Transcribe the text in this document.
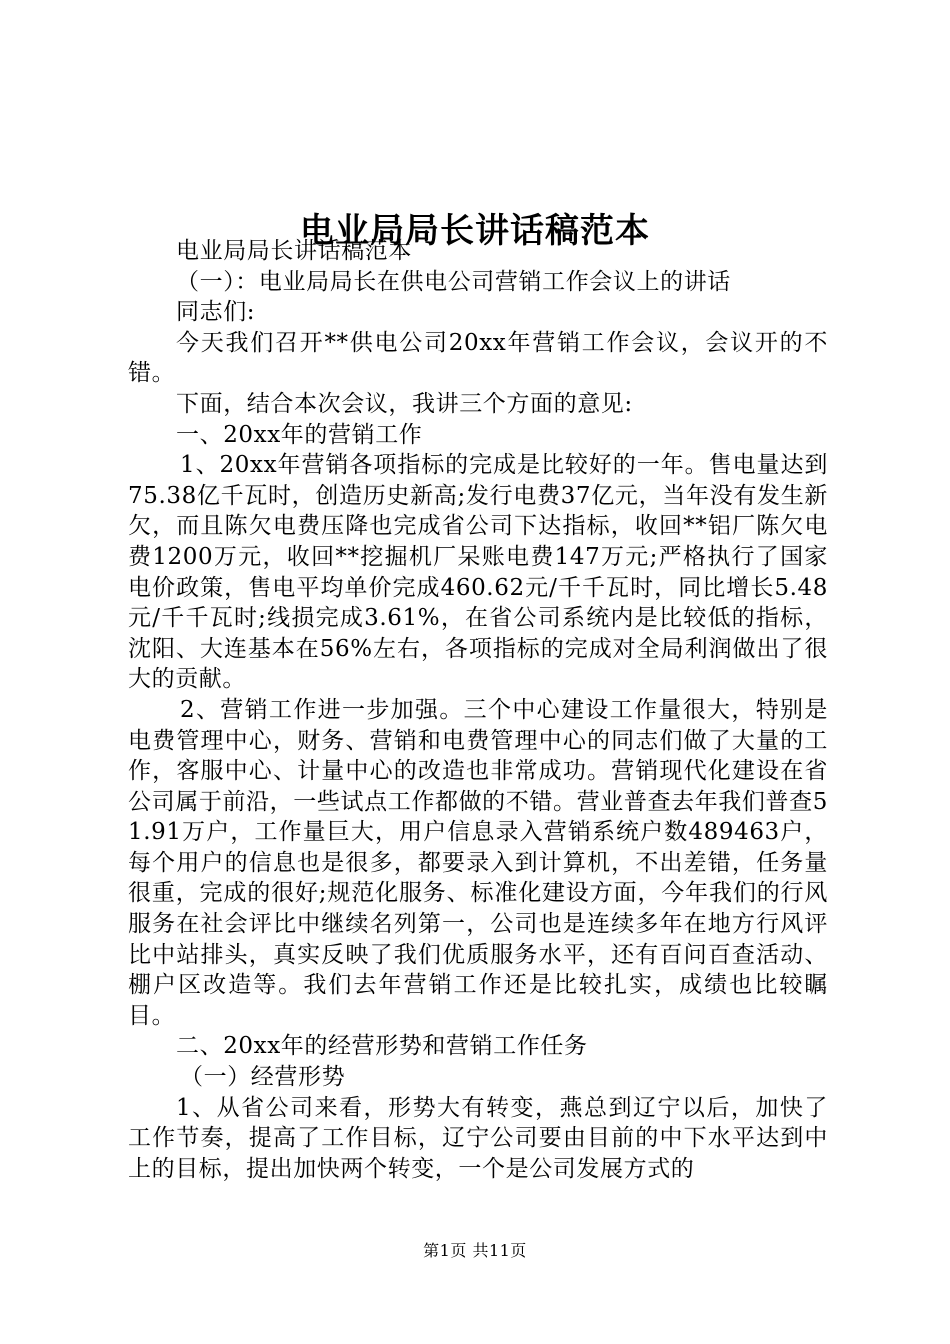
电业局局长讲话稿范本

电业局局长讲话稿范本

（一）：电业局局长在供电公司营销工作会议上的讲话

同志们:

今天我们召开**供电公司20xx年营销工作会议，会议开的不错。

下面，结合本次会议，我讲三个方面的意见:

一、20xx年的营销工作

1、20xx年营销各项指标的完成是比较好的一年。售电量达到75.38亿千瓦时，创造历史新高;发行电费37亿元，当年没有发生新欠，而且陈欠电费压降也完成省公司下达指标，收回**铝厂陈欠电费1200万元，收回**挖掘机厂呆账电费147万元;严格执行了国家电价政策，售电平均单价完成460.62元/千千瓦时，同比增长5.48元/千千瓦时;线损完成3.61%，在省公司系统内是比较低的指标，沈阳、大连基本在56%左右，各项指标的完成对全局利润做出了很大的贡献。

2、营销工作进一步加强。三个中心建设工作量很大，特别是电费管理中心，财务、营销和电费管理中心的同志们做了大量的工作，客服中心、计量中心的改造也非常成功。营销现代化建设在省公司属于前沿，一些试点工作都做的不错。营业普查去年我们普查51.91万户，工作量巨大，用户信息录入营销系统户数489463户，每个用户的信息也是很多，都要录入到计算机，不出差错，任务量很重，完成的很好;规范化服务、标准化建设方面，今年我们的行风服务在社会评比中继续名列第一，公司也是连续多年在地方行风评比中站排头，真实反映了我们优质服务水平，还有百问百查活动、棚户区改造等。我们去年营销工作还是比较扎实，成绩也比较瞩目。

二、20xx年的经营形势和营销工作任务

（一）经营形势

1、从省公司来看，形势大有转变，燕总到辽宁以后，加快了工作节奏，提高了工作目标，辽宁公司要由目前的中下水平达到中上的目标，提出加快两个转变，一个是公司发展方式的

第1页 共11页
